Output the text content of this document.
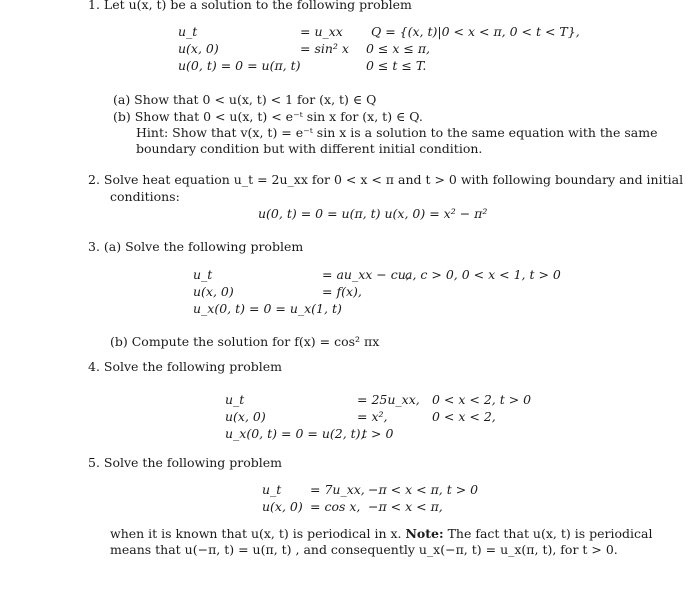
1. Let u(x, t) be a solution to the following problem
u_t	= u_xx Q = {(x, t)|0 < x < π, 0 < t < T},
u(x, 0)	= sin² x 0 ≤ x ≤ π,
u(0, t) = 0 = u(π, t)	0 ≤ t ≤ T.
(a) Show that 0 < u(x, t) < 1 for (x, t) ∈ Q
(b) Show that 0 < u(x, t) < e⁻ᵗ sin x for (x, t) ∈ Q.
Hint: Show that v(x, t) = e⁻ᵗ sin x is a solution to the same equation with the same
boundary condition but with different initial condition.
2. Solve heat equation u_t = 2u_xx for 0 < x < π and t > 0 with following boundary and initial
conditions:
u(0, t) = 0 = u(π, t) u(x, 0) = x² − π²
3. (a) Solve the following problem
u_t	= au_xx − cu,
a, c > 0, 0 < x < 1, t > 0
u(x, 0)	= f(x),
u_x(0, t) = 0 = u_x(1, t)
(b) Compute the solution for f(x) = cos² πx
4. Solve the following problem
u_t	= 25u_xx, 0 < x < 2, t > 0
u(x, 0)	= x²,	0 < x < 2,
u_x(0, t) = 0 = u(2, t),
t > 0
5. Solve the following problem
u_t = 7u_xx, −π < x < π, t > 0
u(x, 0) = cos x, −π < x < π,
when it is known that u(x, t) is periodical in x. Note: The fact that u(x, t) is periodical
means that u(−π, t) = u(π, t) , and consequently u_x(−π, t) = u_x(π, t), for t > 0.
